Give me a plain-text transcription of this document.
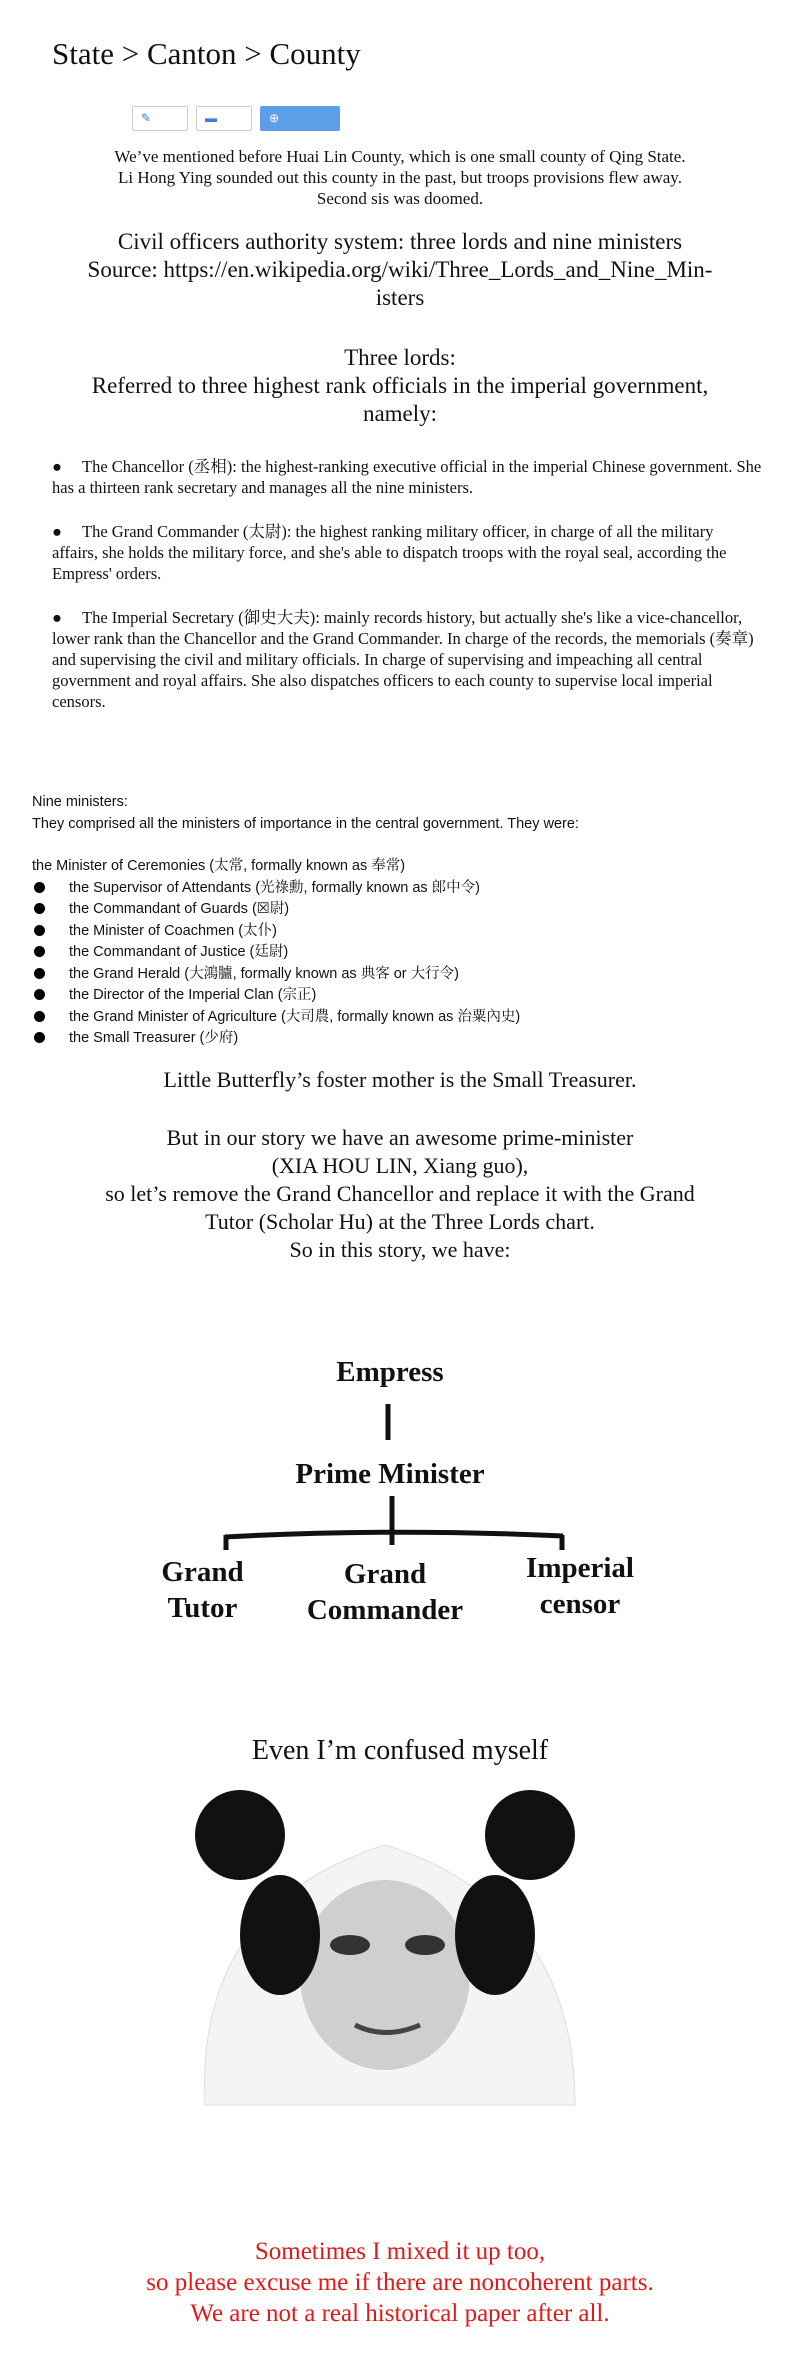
State > Canton > County
✎	▬	⊕
We’ve mentioned before Huai Lin County, which is one small county of Qing State.
Li Hong Ying sounded out this county in the past, but troops provisions flew away.
Second sis was doomed.
Civil officers authority system: three lords and nine ministers
Source: https://en.wikipedia.org/wiki/Three_Lords_and_Nine_Min-
isters
Three lords:
Referred to three highest rank officials in the imperial government,
namely:
● The Chancellor (丞相): the highest-ranking executive official in the imperial Chinese government. She has a thirteen rank secretary and manages all the nine ministers.
● The Grand Commander (太尉): the highest ranking military officer, in charge of all the military affairs, she holds the military force, and she's able to dispatch troops with the royal seal, according the Empress' orders.
● The Imperial Secretary (御史大夫): mainly records history, but actually she's like a vice-chancellor, lower rank than the Chancellor and the Grand Commander. In charge of the records, the memorials (奏章) and supervising the civil and military officials. In charge of supervising and impeaching all central government and royal affairs. She also dispatches officers to each county to supervise local imperial censors.
Nine ministers:
They comprised all the ministers of importance in the central government. They were:
the Minister of Ceremonies (太常, formally known as 奉常)
the Supervisor of Attendants (光祿勳, formally known as 郎中令)
the Commandant of Guards (☒尉)
the Minister of Coachmen (太仆)
the Commandant of Justice (廷尉)
the Grand Herald (大鴻臚, formally known as 典客 or 大行令)
the Director of the Imperial Clan (宗正)
the Grand Minister of Agriculture (大司農, formally known as 治粟內史)
the Small Treasurer (少府)
Little Butterfly’s foster mother is the Small Treasurer.
But in our story we have an awesome prime-minister
(XIA HOU LIN, Xiang guo),
so let’s remove the Grand Chancellor and replace it with the Grand
Tutor (Scholar Hu) at the Three Lords chart.
So in this story, we have:
Empress
Prime Minister
Grand
Tutor
Grand
Commander
Imperial
censor
Even I’m confused myself
Sometimes I mixed it up too,
so please excuse me if there are noncoherent parts.
We are not a real historical paper after all.
